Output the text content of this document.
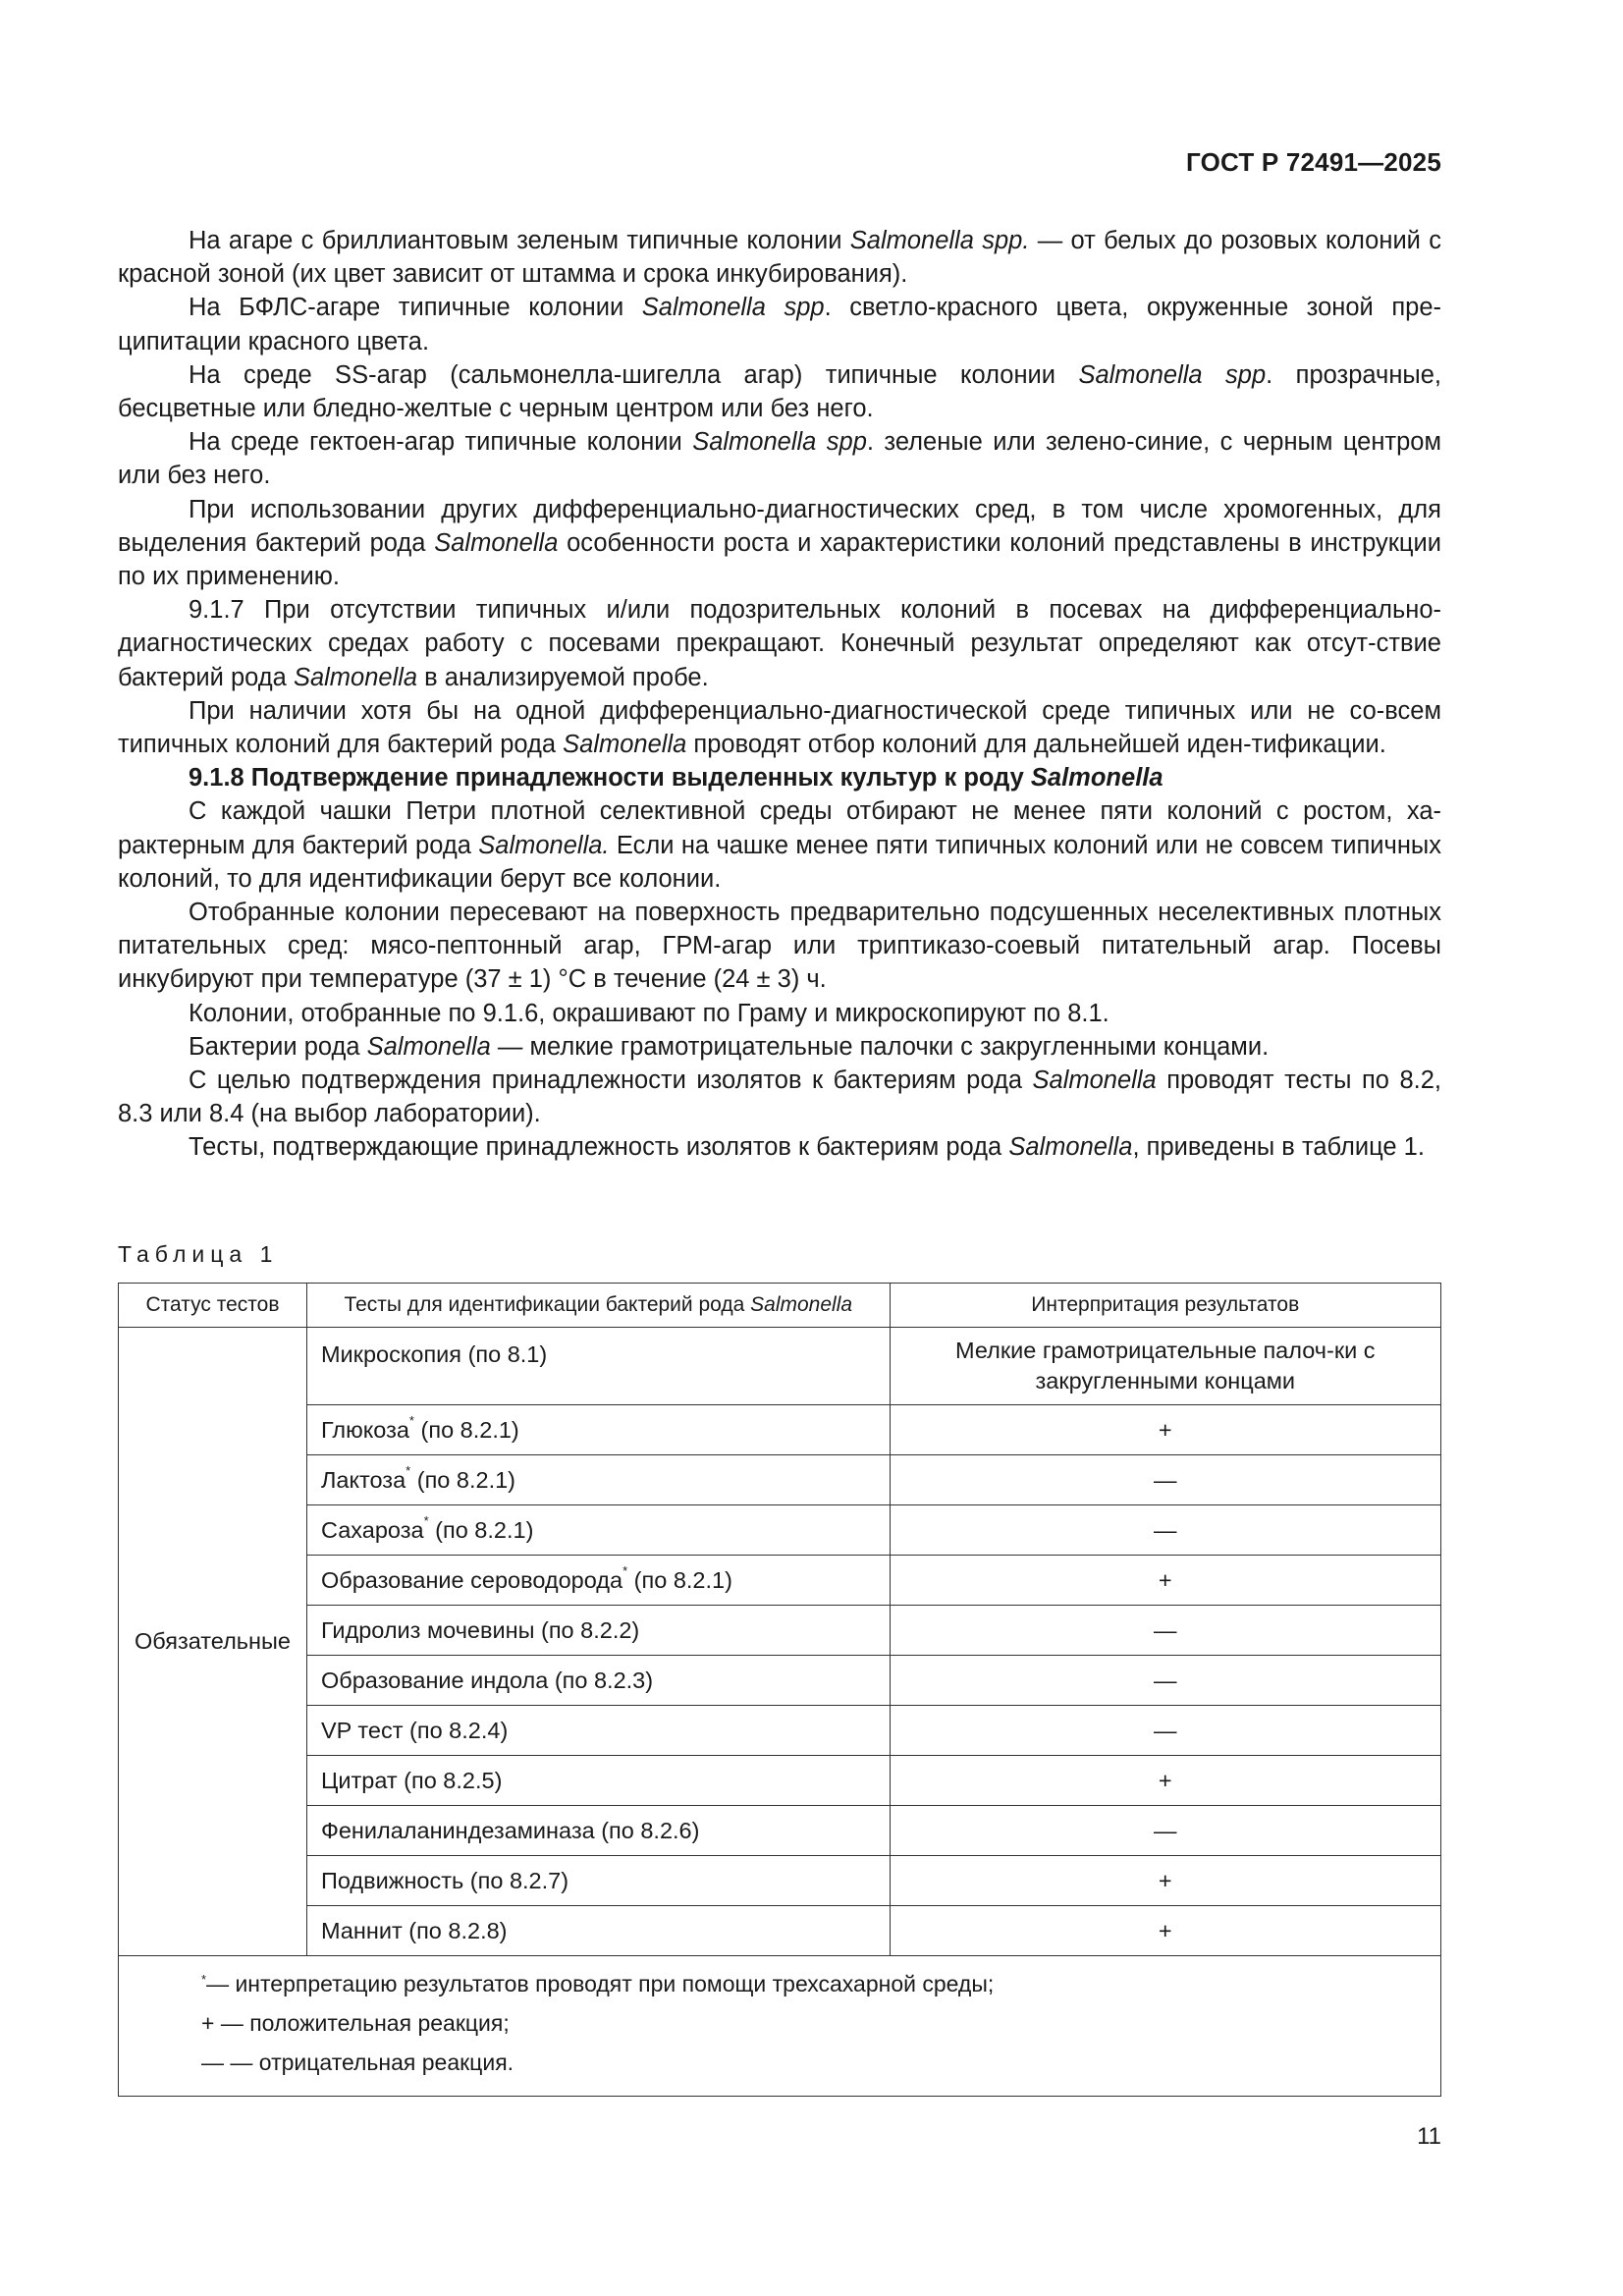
ГОСТ Р 72491—2025

На агаре с бриллиантовым зеленым типичные колонии Salmonella spp. — от белых до розовых колоний с красной зоной (их цвет зависит от штамма и срока инкубирования).

На БФЛС-агаре типичные колонии Salmonella spp. светло-красного цвета, окруженные зоной пре-ципитации красного цвета.

На среде SS-агар (сальмонелла-шигелла агар) типичные колонии Salmonella spp. прозрачные, бесцветные или бледно-желтые с черным центром или без него.

На среде гектоен-агар типичные колонии Salmonella spp. зеленые или зелено-синие, с черным центром или без него.

При использовании других дифференциально-диагностических сред, в том числе хромогенных, для выделения бактерий рода Salmonella особенности роста и характеристики колоний представлены в инструкции по их применению.

9.1.7 При отсутствии типичных и/или подозрительных колоний в посевах на дифференциально-диагностических средах работу с посевами прекращают. Конечный результат определяют как отсут-ствие бактерий рода Salmonella в анализируемой пробе.

При наличии хотя бы на одной дифференциально-диагностической среде типичных или не со-всем типичных колоний для бактерий рода Salmonella проводят отбор колоний для дальнейшей иден-тификации.

9.1.8 Подтверждение принадлежности выделенных культур к роду Salmonella

С каждой чашки Петри плотной селективной среды отбирают не менее пяти колоний с ростом, ха-рактерным для бактерий рода Salmonella. Если на чашке менее пяти типичных колоний или не совсем типичных колоний, то для идентификации берут все колонии.

Отобранные колонии пересевают на поверхность предварительно подсушенных неселективных плотных питательных сред: мясо-пептонный агар, ГРМ-агар или триптиказо-соевый питательный агар. Посевы инкубируют при температуре (37 ± 1) °C в течение (24 ± 3) ч.

Колонии, отобранные по 9.1.6, окрашивают по Граму и микроскопируют по 8.1.

Бактерии рода Salmonella — мелкие грамотрицательные палочки с закругленными концами.

С целью подтверждения принадлежности изолятов к бактериям рода Salmonella проводят тесты по 8.2, 8.3 или 8.4 (на выбор лаборатории).

Тесты, подтверждающие принадлежность изолятов к бактериям рода Salmonella, приведены в таблице 1.

Таблица 1
Статус тестов	Тесты для идентификации бактерий рода Salmonella	Интерпритация результатов
Обязательные	Микроскопия (по 8.1)	Мелкие грамотрицательные палоч-ки с закругленными концами
	Глюкоза* (по 8.2.1)	+
	Лактоза* (по 8.2.1)	—
	Сахароза* (по 8.2.1)	—
	Образование сероводорода* (по 8.2.1)	+
	Гидролиз мочевины (по 8.2.2)	—
	Образование индола (по 8.2.3)	—
	VP тест (по 8.2.4)	—
	Цитрат (по 8.2.5)	+
	Фенилаланиндезаминаза (по 8.2.6)	—
	Подвижность (по 8.2.7)	+
	Маннит (по 8.2.8)	+

*— интерпретацию результатов проводят при помощи трехсахарной среды;
+ — положительная реакция;
— — отрицательная реакция.		
11
